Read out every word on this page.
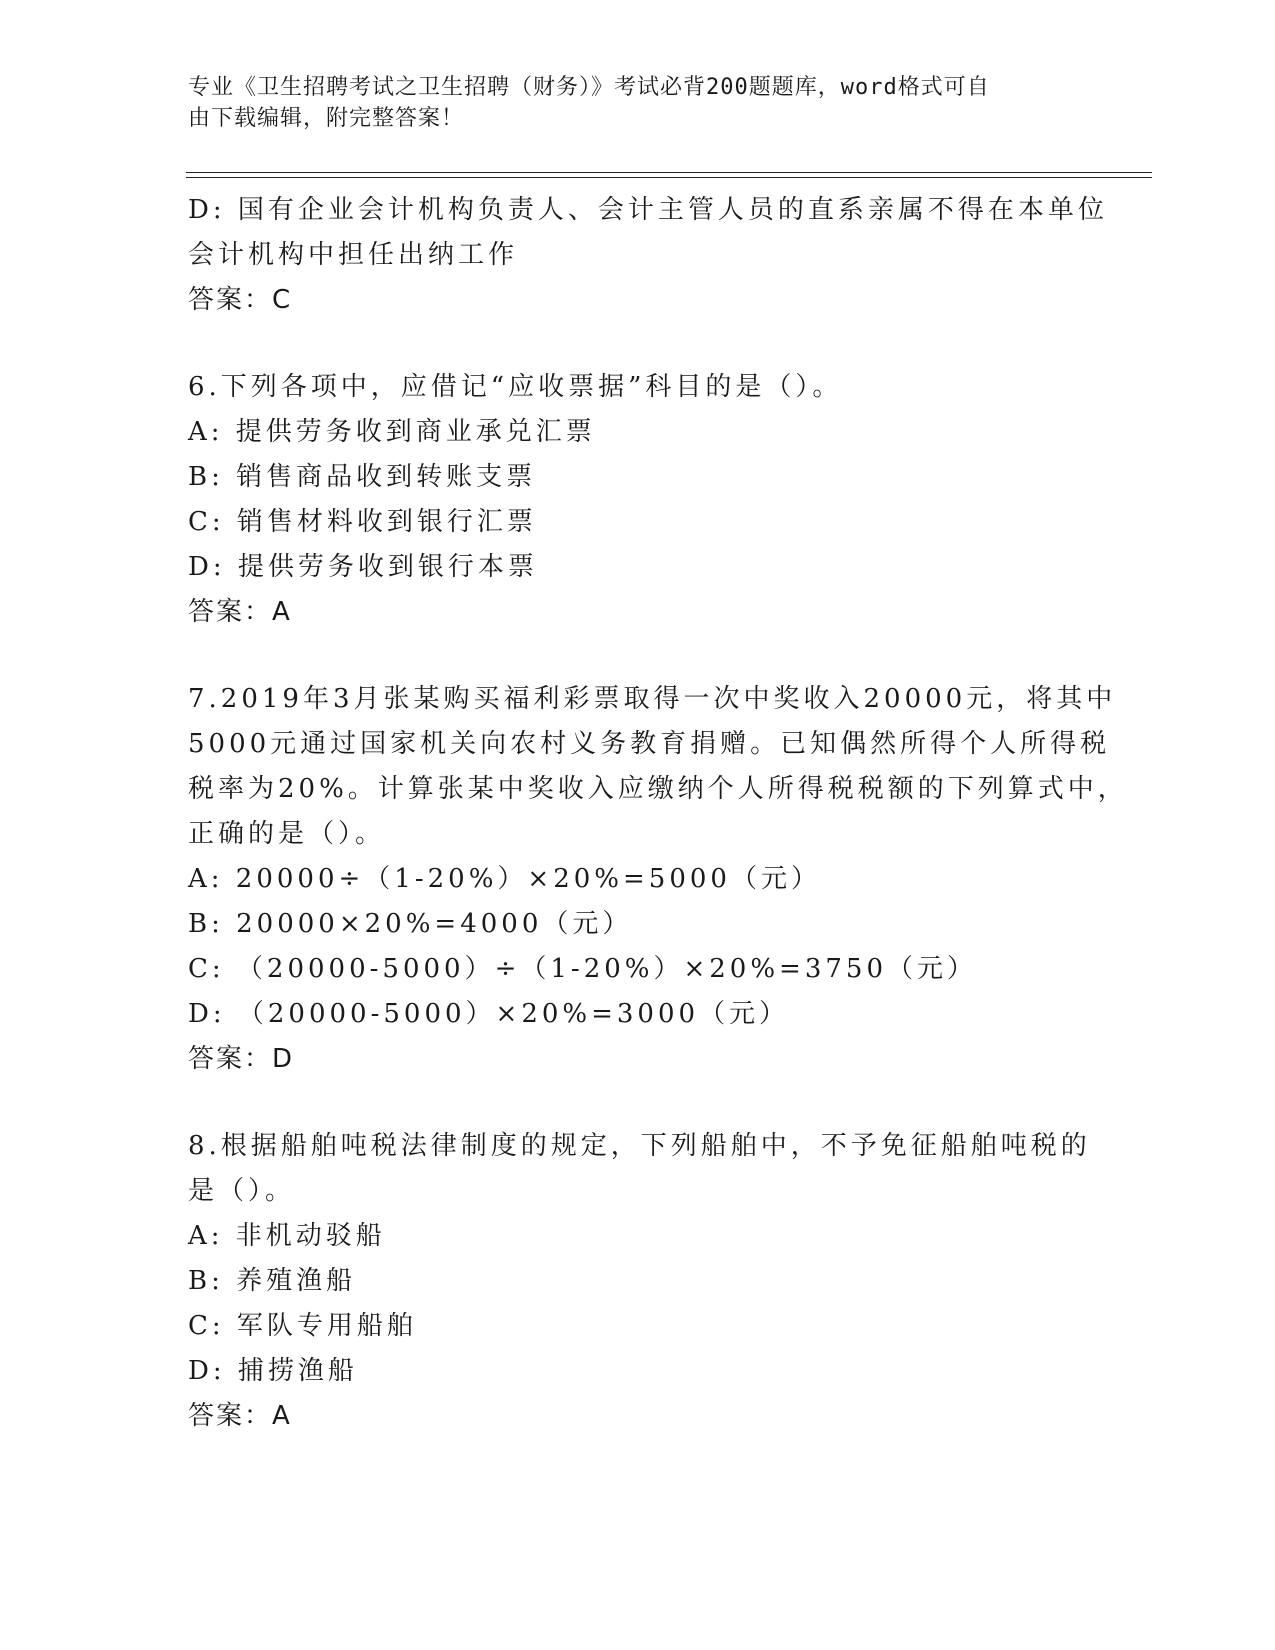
专业《卫生招聘考试之卫生招聘（财务）》考试必背200题题库，word格式可自
由下载编辑，附完整答案！
D: 国有企业会计机构负责人、会计主管人员的直系亲属不得在本单位
会计机构中担任出纳工作
答案：C
6.下列各项中，应借记“应收票据”科目的是（）。
A: 提供劳务收到商业承兑汇票
B: 销售商品收到转账支票
C: 销售材料收到银行汇票
D: 提供劳务收到银行本票
答案：A
7.2019年3月张某购买福利彩票取得一次中奖收入20000元，将其中
5000元通过国家机关向农村义务教育捐赠。已知偶然所得个人所得税
税率为20%。计算张某中奖收入应缴纳个人所得税税额的下列算式中，
正确的是（）。
A: 20000÷（1-20%）×20%=5000（元）
B: 20000×20%=4000（元）
C: （20000-5000）÷（1-20%）×20%=3750（元）
D: （20000-5000）×20%=3000（元）
答案：D
8.根据船舶吨税法律制度的规定，下列船舶中，不予免征船舶吨税的
是（）。
A: 非机动驳船
B: 养殖渔船
C: 军队专用船舶
D: 捕捞渔船
答案：A
